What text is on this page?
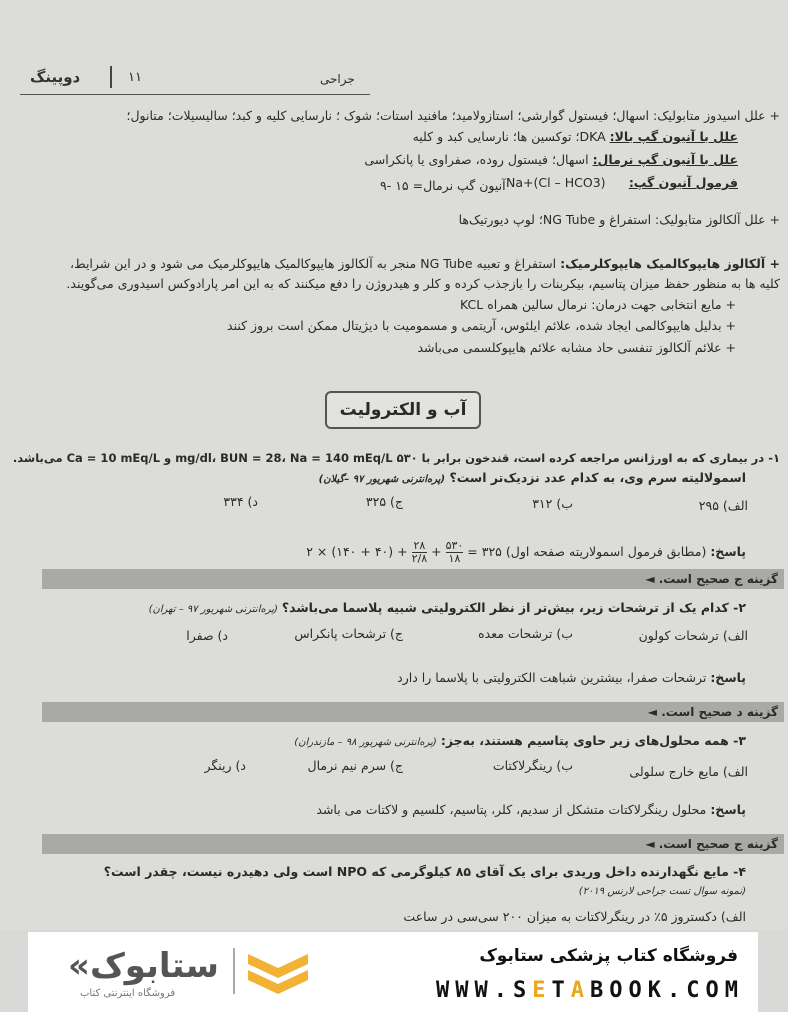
دوپینگ	۱۱	جراحی
+ علل اسیدوز متابولیک: اسهال؛ فیستول گوارشی؛ استازولامید؛ مافنید استات؛ شوک ؛ نارسایی کلیه و کبد؛ سالیسیلات؛ متانول؛
علل با آنیون گپ بالا: DKA؛ توکسین ها؛ نارسایی کبد و کلیه
علل با آنیون گپ نرمال: اسهال؛ فیستول روده، صفراوی یا پانکراسی
فرمول آنیون گپ:
Na+(Cl – HCO3)
آنیون گپ نرمال= ۱۵ -۹
+ علل آلکالوز متابولیک: استفراغ و NG Tube؛ لوپ دیورتیک‌ها
+ آلکالوز هایپوکالمیک هایپوکلرمیک: استفراغ و تعبیه NG Tube منجر به آلکالوز هایپوکالمیک هایپوکلرمیک می شود و در این شرایط،
کلیه ها به منظور حفظ میزان پتاسیم، بیکربنات را بازجذب کرده و کلر و هیدروژن را دفع میکنند که به این امر پارادوکس اسیدوری می‌گویند.
+ مایع انتخابی جهت درمان: نرمال سالین همراه KCL
+ بدلیل هایپوکالمی ایجاد شده، علائم ایلئوس، آریتمی و مسمومیت با دیژیتال ممکن است بروز کنند
+ علائم آلکالوز تنفسی حاد مشابه علائم هایپوکلسمی می‌باشد
آب و الکترولیت
۱- در بیماری که به اورژانس مراجعه کرده است، قندخون برابر با ۵۳۰ mg/dl، BUN = 28، Na = 140 mEq/L و Ca = 10 mEq/L می‌باشد.
اسمولالیته سرم وی، به کدام عدد نزدیک‌تر است؟ (پره‌انترنی شهریور ۹۷ –گیلان)
الف) ۲۹۵
ب) ۳۱۲
ج) ۳۲۵
د) ۳۳۴
پاسخ: (مطابق فرمول اسمولاریته صفحه اول) ۳۲۵ =
۵۳۰
۱۸
+
۲۸
۲/۸
+ (۴۰ + ۱۴۰) × ۲
گزینه ج صحیح است. ◄
۲- کدام یک از ترشحات زیر، بیش‌تر از نظر الکترولیتی شبیه پلاسما می‌باشد؟ (پره‌انترنی شهریور ۹۷ – تهران)
الف) ترشحات کولون
ب) ترشحات معده
ج) ترشحات پانکراس
د) صفرا
پاسخ: ترشحات صفرا، بیشترین شباهت الکترولیتی با پلاسما را دارد
گزینه د صحیح است. ◄
۳- همه محلول‌های زیر حاوی پتاسیم هستند، به‌جز: (پره‌انترنی شهریور ۹۸ – مازندران)
الف) مایع خارج سلولی
ب) رینگرلاکتات
ج) سرم نیم نرمال
د) رینگر
پاسخ: محلول رینگرلاکتات متشکل از سدیم، کلر، پتاسیم، کلسیم و لاکتات می باشد
گزینه ج صحیح است. ◄
۴- مایع نگهدارنده داخل وریدی برای یک آقای ۸۵ کیلوگرمی که NPO است ولی دهیدره نیست، چقدر است؟
(نمونه سوال تست جراحی لارنس ۲۰۱۹)
الف) دکستروز ۵٪ در رینگرلاکتات به میزان ۲۰۰ سی‌سی در ساعت
«ستابوک
فروشگاه اینترنتی کتاب
فروشگاه کتاب پزشکی ستابوک
WWW.SETABOOK.COM
